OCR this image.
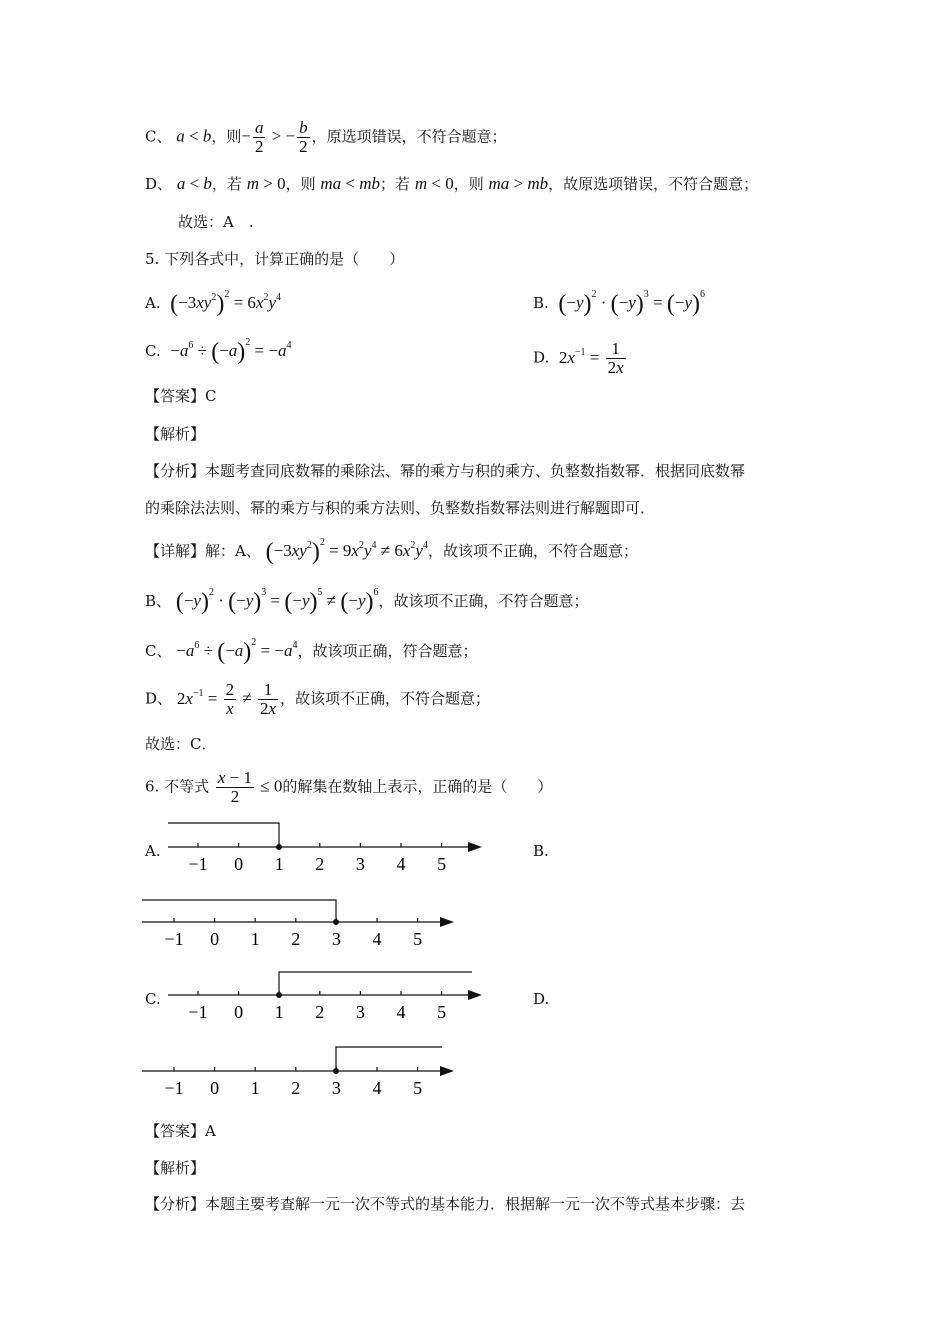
C、 a < b，则− $\frac{a}{2}$ > − $\frac{b}{2}$ ，原选项错误，不符合题意；
D、 a < b，若 m > 0，则 ma < mb；若 m < 0，则 ma > mb，故原选项错误，不符合题意；
故选：A　.
5. 下列各式中，计算正确的是（　　）
A. $(-3xy^2)^2 = 6x^2y^4$	B. $(-y)^2 \cdot (-y)^3 = (-y)^6$
C. $-a^6 \div (-a)^2 = -a^4$
D. $2x^{-1} = \frac{1}{2x}$
【答案】C
【解析】
【分析】本题考查同底数幂的乘除法、幂的乘方与积的乘方、负整数指数幂．根据同底数幂
的乘除法法则、幂的乘方与积的乘方法则、负整数指数幂法则进行解题即可．
【详解】解：A、 $(-3xy^2)^2 = 9x^2y^4 \ne 6x^2y^4$，故该项不正确，不符合题意；
B、 $(-y)^2 \cdot (-y)^3 = (-y)^5 \ne (-y)^6$，故该项不正确，不符合题意；
C、 $-a^6 \div (-a)^2 = -a^4$，故该项正确，符合题意；
D、 $2x^{-1} = \frac{2}{x} \ne \frac{1}{2x}$ ，故该项不正确，不符合题意；
故选：C．
6. 不等式 $\frac{x - 1}{2} \le 0$的解集在数轴上表示，正确的是（　　）
A.	B.
C.	D.
−1 0 1 2 3 4 5
−1 0 1 2 3 4 5
−1 0 1 2 3 4 5
−1 0 1 2 3 4 5
【答案】A
【解析】
【分析】本题主要考查解一元一次不等式的基本能力．根据解一元一次不等式基本步骤：去
